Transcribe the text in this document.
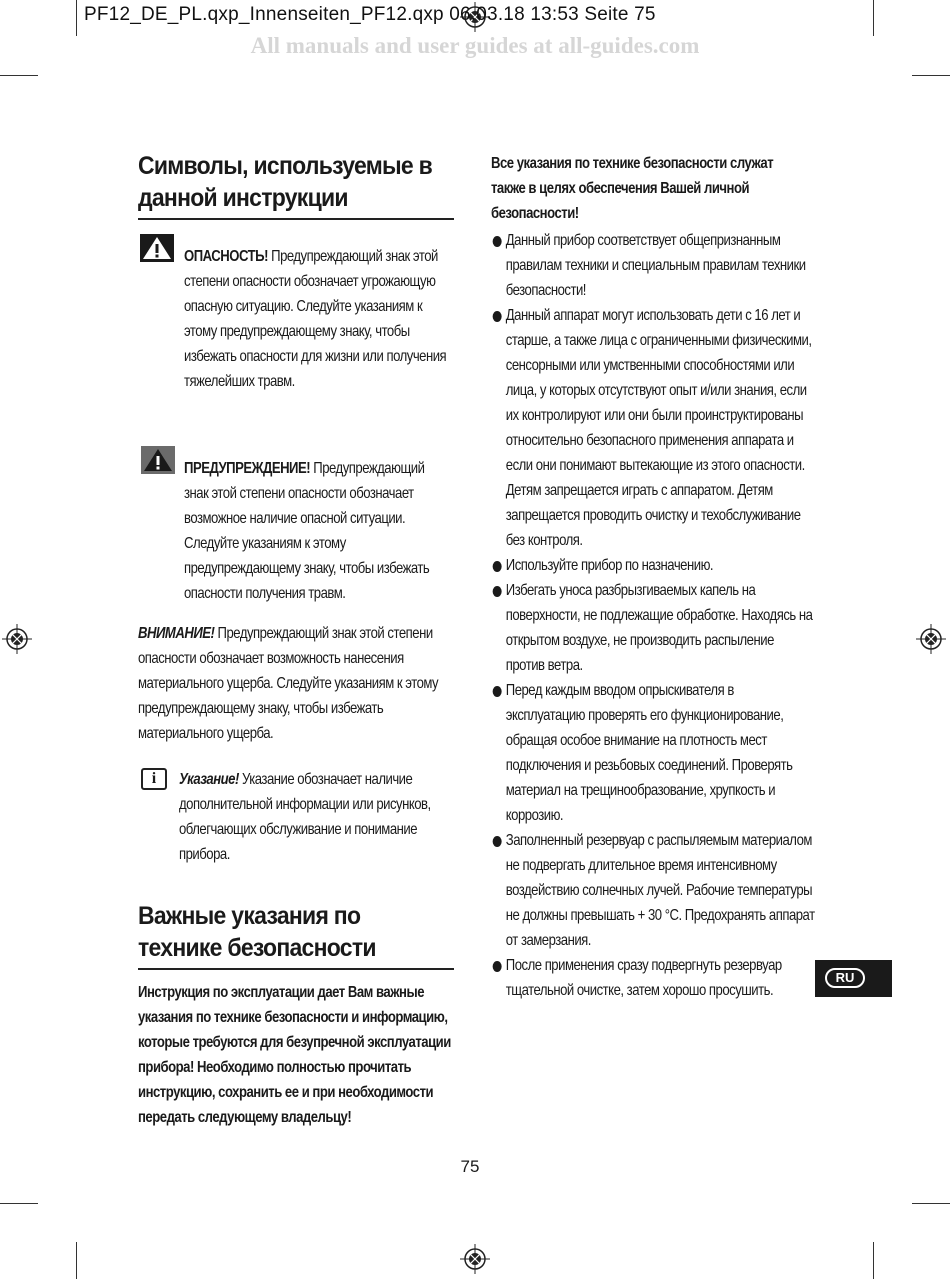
PF12_DE_PL.qxp_Innenseiten_PF12.qxp 06.03.18 13:53 Seite 75
All manuals and user guides at all-guides.com
Символы, используемые в данной инструкции
ОПАСНОСТЬ! Предупреждающий знак этой степени опасности обозначает угрожающую опасную ситуацию. Следуйте указаниям к этому предупреждающему знаку, чтобы избежать опасности для жизни или получения тяжелейших травм.
ПРЕДУПРЕЖДЕНИЕ! Предупреждающий знак этой степени опасности обозначает возможное наличие опасной ситуации. Следуйте указаниям к этому предупреждающему знаку, чтобы избежать опасности получения травм.
ВНИМАНИЕ! Предупреждающий знак этой степени опасности обозначает возможность нанесения материального ущерба. Следуйте указаниям к этому предупреждающему знаку, чтобы избежать материального ущерба.
i	Указание! Указание обозначает наличие дополнительной информации или рисунков, облегчающих обслуживание и понимание прибора.
Важные указания по технике безопасности
Инструкция по эксплуатации дает Вам важные указания по технике безопасности и информацию, которые требуются для безупречной эксплуатации прибора! Необходимо полностью прочитать инструкцию, сохранить ее и при необходимости передать следующему владельцу!
Все указания по технике безопасности служат также в целях обеспечения Вашей личной безопасности!
Данный прибор соответствует общепризнанным правилам техники и специальным правилам техники безопасности!
Данный аппарат могут использовать дети с 16 лет и старше, а также лица с ограниченными физическими, сенсорными или умственными способностями или лица, у которых отсутствуют опыт и/или знания, если их контролируют или они были проинструктированы относительно безопасного применения аппарата и если они понимают вытекающие из этого опасности. Детям запрещается играть с аппаратом. Детям запрещается проводить очистку и техобслуживание без контроля.
Используйте прибор по назначению.
Избегать уноса разбрызгиваемых капель на поверхности, не подлежащие обработке. Находясь на открытом воздухе, не производить распыление против ветра.
Перед каждым вводом опрыскивателя в эксплуатацию проверять его функционирование, обращая особое внимание на плотность мест подключения и резьбовых соединений. Проверять материал на трещинообразование, хрупкость и коррозию.
Заполненный резервуар с распыляемым материалом не подвергать длительное время интенсивному воздействию солнечных лучей. Рабочие температуры не должны превышать + 30 °C. Предохранять аппарат от замерзания.
После применения сразу подвергнуть резервуар тщательной очистке, затем хорошо просушить.
RU
75
